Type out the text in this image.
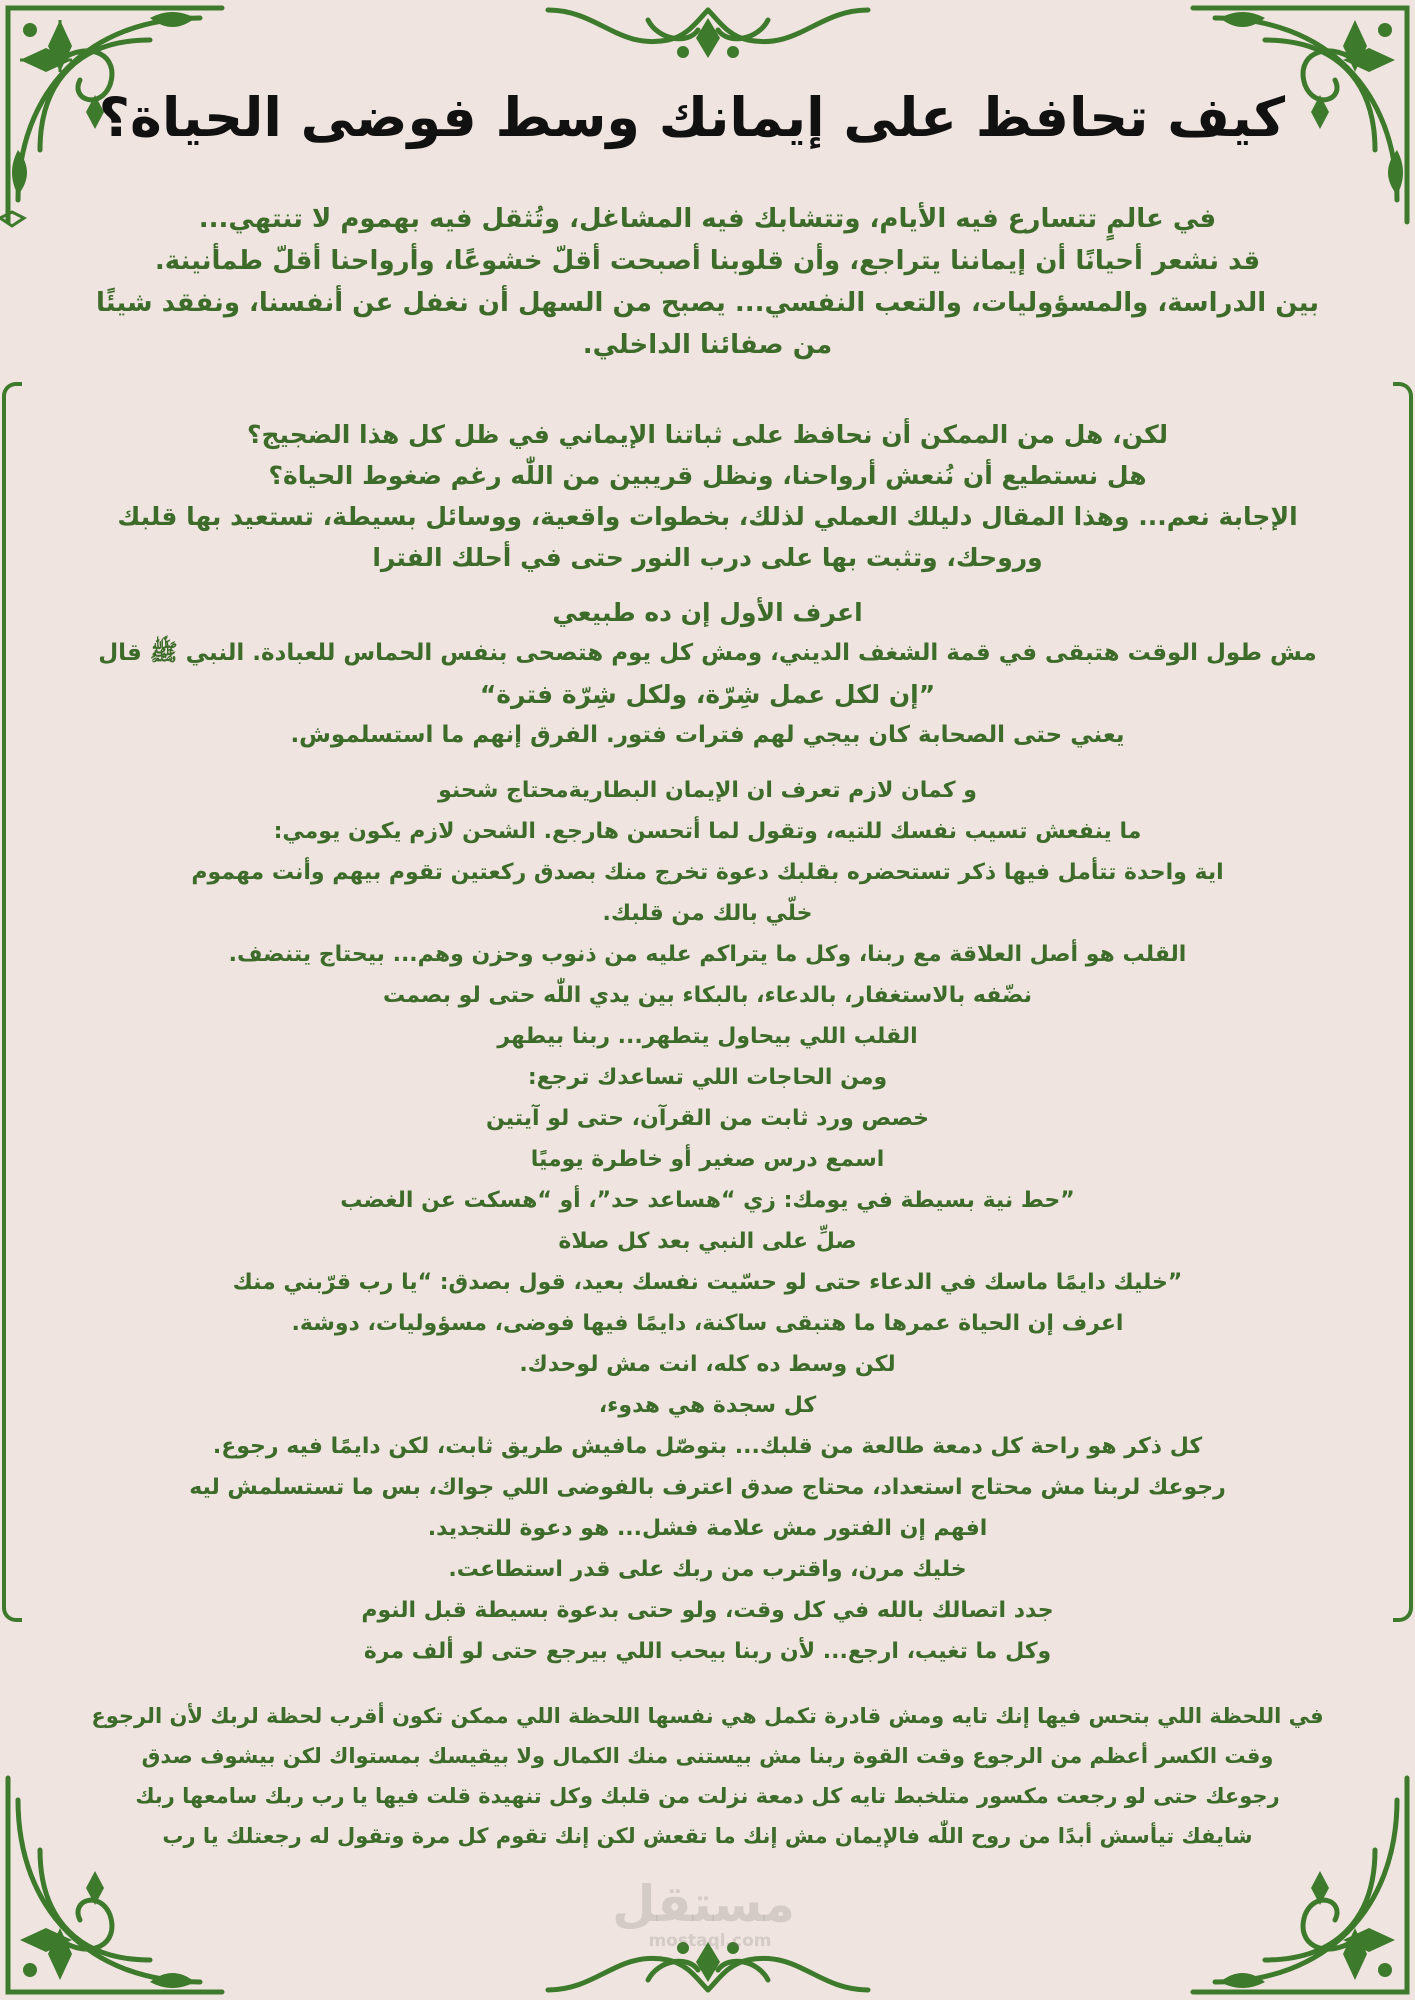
كيف تحافظ على إيمانك وسط فوضى الحياة؟
في عالمٍ تتسارع فيه الأيام، وتتشابك فيه المشاغل، وتُثقل فيه بهموم لا تنتهي...
قد نشعر أحيانًا أن إيماننا يتراجع، وأن قلوبنا أصبحت أقلّ خشوعًا، وأرواحنا أقلّ طمأنينة.
بين الدراسة، والمسؤوليات، والتعب النفسي... يصبح من السهل أن نغفل عن أنفسنا، ونفقد شيئًا
من صفائنا الداخلي.
لكن، هل من الممكن أن نحافظ على ثباتنا الإيماني في ظل كل هذا الضجيج؟
هل نستطيع أن نُنعش أرواحنا، ونظل قريبين من اللّٰه رغم ضغوط الحياة؟
الإجابة نعم... وهذا المقال دليلك العملي لذلك، بخطوات واقعية، ووسائل بسيطة، تستعيد بها قلبك
وروحك، وتثبت بها على درب النور حتى في أحلك الفترا
اعرف الأول إن ده طبيعي
مش طول الوقت هتبقى في قمة الشغف الديني، ومش كل يوم هتصحى بنفس الحماس للعبادة. النبي ﷺ قال
”إن لكل عمل شِرّة، ولكل شِرّة فترة“
يعني حتى الصحابة كان بيجي لهم فترات فتور. الفرق إنهم ما استسلموش.
و كمان لازم تعرف ان الإيمان البطاريةمحتاج شحنو
ما ينفعش تسيب نفسك للتيه، وتقول لما أتحسن هارجع. الشحن لازم يكون يومي:
اية واحدة تتأمل فيها ذكر تستحضره بقلبك دعوة تخرج منك بصدق ركعتين تقوم بيهم وأنت مهموم
خلّي بالك من قلبك.
القلب هو أصل العلاقة مع ربنا، وكل ما يتراكم عليه من ذنوب وحزن وهم... بيحتاج يتنضف.
نضّفه بالاستغفار، بالدعاء، بالبكاء بين يدي اللّٰه حتى لو بصمت
القلب اللي بيحاول يتطهر... ربنا بيطهر
ومن الحاجات اللي تساعدك ترجع:
خصص ورد ثابت من القرآن، حتى لو آيتين
اسمع درس صغير أو خاطرة يوميًا
”حط نية بسيطة في يومك: زي “هساعد حد”، أو “هسكت عن الغضب
صلِّ على النبي بعد كل صلاة
”خليك دايمًا ماسك في الدعاء حتى لو حسّيت نفسك بعيد، قول بصدق: “يا رب قرّبني منك
اعرف إن الحياة عمرها ما هتبقى ساكنة، دايمًا فيها فوضى، مسؤوليات، دوشة.
لكن وسط ده كله، انت مش لوحدك.
كل سجدة هي هدوء،
كل ذكر هو راحة كل دمعة طالعة من قلبك... بتوصّل مافيش طريق ثابت، لكن دايمًا فيه رجوع.
رجوعك لربنا مش محتاج استعداد، محتاج صدق اعترف بالفوضى اللي جواك، بس ما تستسلمش ليه
افهم إن الفتور مش علامة فشل... هو دعوة للتجديد.
خليك مرن، واقترب من ربك على قدر استطاعت.
جدد اتصالك بالله في كل وقت، ولو حتى بدعوة بسيطة قبل النوم
وكل ما تغيب، ارجع... لأن ربنا بيحب اللي بيرجع حتى لو ألف مرة
في اللحظة اللي بتحس فيها إنك تايه ومش قادرة تكمل هي نفسها اللحظة اللي ممكن تكون أقرب لحظة لربك لأن الرجوع
وقت الكسر أعظم من الرجوع وقت القوة ربنا مش بيستنى منك الكمال ولا بيقيسك بمستواك لكن بيشوف صدق
رجوعك حتى لو رجعت مكسور متلخبط تايه كل دمعة نزلت من قلبك وكل تنهيدة قلت فيها يا رب ربك سامعها ربك
شايفك تيأسش أبدًا من روح اللّٰه فالإيمان مش إنك ما تقعش لكن إنك تقوم كل مرة وتقول له رجعتلك يا رب
مستقل
mostaql.com
